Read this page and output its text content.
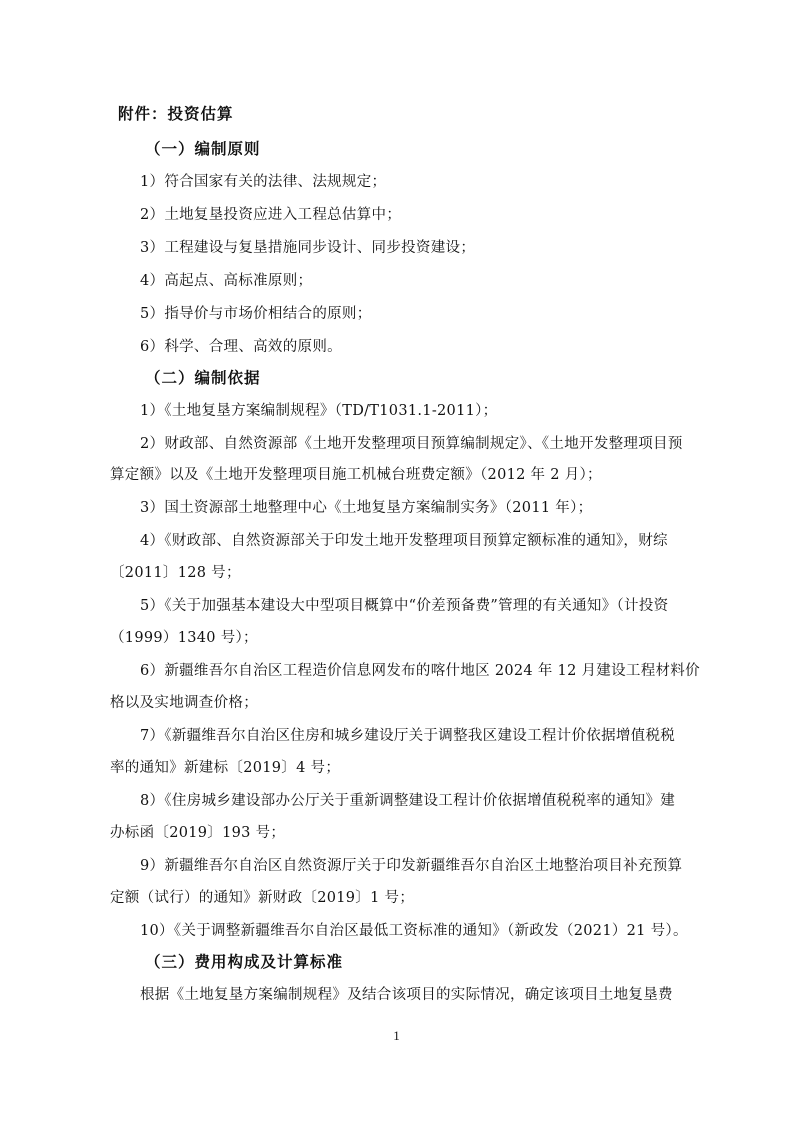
附件：投资估算
（一）编制原则
1）符合国家有关的法律、法规规定；
2）土地复垦投资应进入工程总估算中；
3）工程建设与复垦措施同步设计、同步投资建设；
4）高起点、高标准原则；
5）指导价与市场价相结合的原则；
6）科学、合理、高效的原则。
（二）编制依据
1）《土地复垦方案编制规程》（TD/T1031.1-2011）；
2）财政部、自然资源部《土地开发整理项目预算编制规定》、《土地开发整理项目预
算定额》以及《土地开发整理项目施工机械台班费定额》（2012 年 2 月）；
3）国土资源部土地整理中心《土地复垦方案编制实务》（2011 年）；
4）《财政部、自然资源部关于印发土地开发整理项目预算定额标准的通知》，财综
〔2011〕128 号；
5）《关于加强基本建设大中型项目概算中“价差预备费”管理的有关通知》（计投资
（1999）1340 号）；
6）新疆维吾尔自治区工程造价信息网发布的喀什地区 2024 年 12 月建设工程材料价
格以及实地调查价格；
7）《新疆维吾尔自治区住房和城乡建设厅关于调整我区建设工程计价依据增值税税
率的通知》新建标〔2019〕4 号；
8）《住房城乡建设部办公厅关于重新调整建设工程计价依据增值税税率的通知》建
办标函〔2019〕193 号；
9）新疆维吾尔自治区自然资源厅关于印发新疆维吾尔自治区土地整治项目补充预算
定额（试行）的通知》新财政〔2019〕1 号；
10）《关于调整新疆维吾尔自治区最低工资标准的通知》（新政发（2021）21 号）。
（三）费用构成及计算标准
根据《土地复垦方案编制规程》及结合该项目的实际情况，确定该项目土地复垦费
1
